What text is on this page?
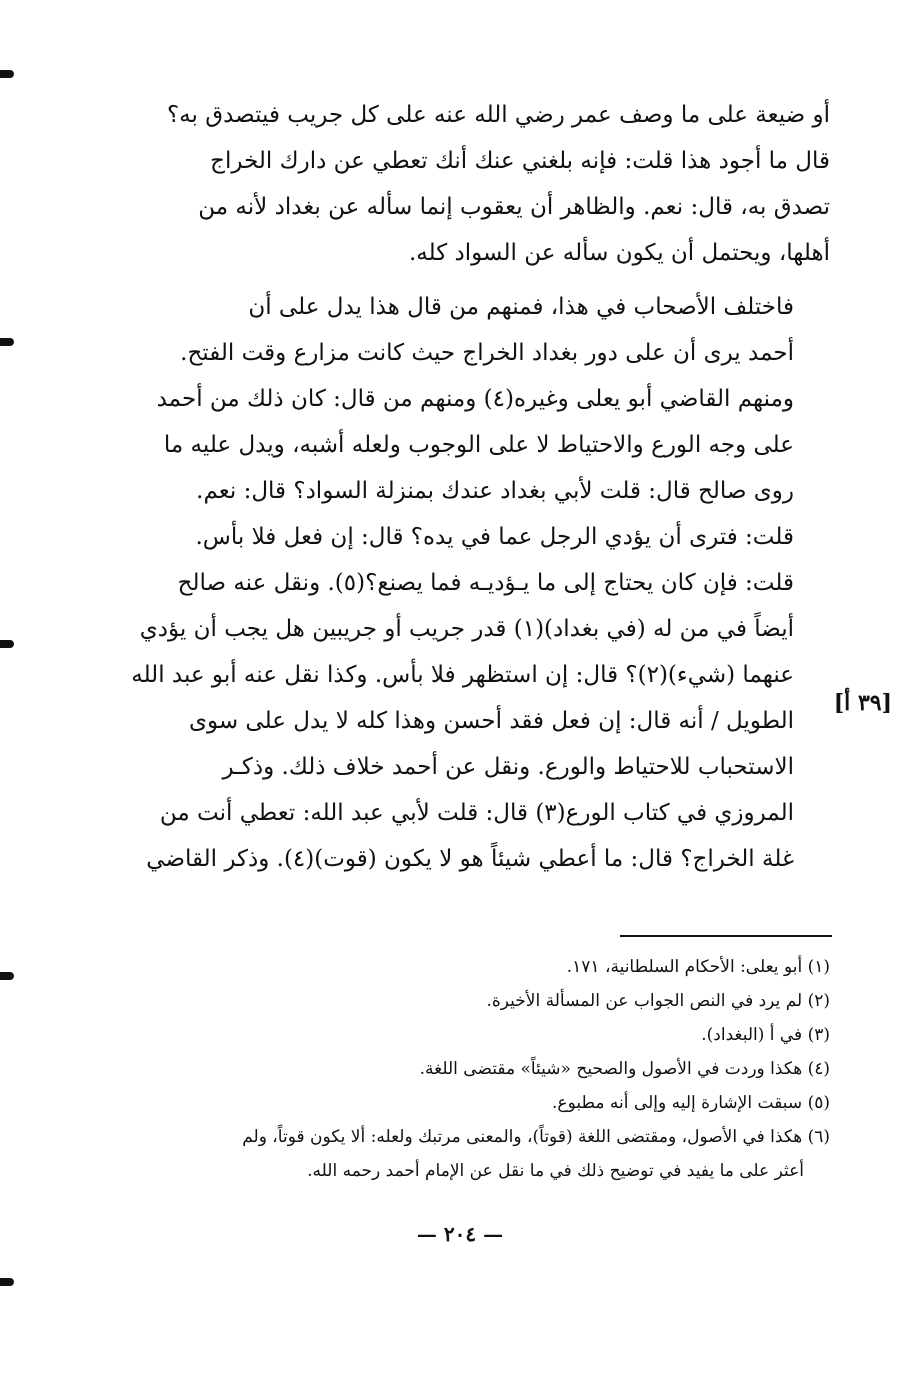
أو ضيعة على ما وصف عمر رضي الله عنه على كل جريب فيتصدق به؟
قال ما أجود هذا قلت: فإنه بلغني عنك أنك تعطي عن دارك الخراج
تصدق به، قال: نعم. والظاهر أن يعقوب إنما سأله عن بغداد لأنه من
أهلها، ويحتمل أن يكون سأله عن السواد كله.

فاختلف الأصحاب في هذا، فمنهم من قال هذا يدل على أن
أحمد يرى أن على دور بغداد الخراج حيث كانت مزارع وقت الفتح.
ومنهم القاضي أبو يعلى وغيره(٤) ومنهم من قال: كان ذلك من أحمد
على وجه الورع والاحتياط لا على الوجوب ولعله أشبه، ويدل عليه ما
روى صالح قال: قلت لأبي بغداد عندك بمنزلة السواد؟ قال: نعم.
قلت: فترى أن يؤدي الرجل عما في يده؟ قال: إن فعل فلا بأس.
قلت: فإن كان يحتاج إلى ما يـؤديـه فما يصنع؟(٥). ونقل عنه صالح
أيضاً في من له (في بغداد)(١) قدر جريب أو جريبين هل يجب أن يؤدي
عنهما (شيء)(٢)؟ قال: إن استظهر فلا بأس. وكذا نقل عنه أبو عبد الله
الطويل / أنه قال: إن فعل فقد أحسن وهذا كله لا يدل على سوى
الاستحباب للاحتياط والورع. ونقل عن أحمد خلاف ذلك. وذكـر
المروزي في كتاب الورع(٣) قال: قلت لأبي عبد الله: تعطي أنت من
غلة الخراج؟ قال: ما أعطي شيئاً هو لا يكون (قوت)(٤). وذكر القاضي

[٣٩ أ]
(١) أبو يعلى: الأحكام السلطانية، ١٧١.
(٢) لم يرد في النص الجواب عن المسألة الأخيرة.
(٣) في أ (البغداد).
(٤) هكذا وردت في الأصول والصحيح «شيئاً» مقتضى اللغة.
(٥) سبقت الإشارة إليه وإلى أنه مطبوع.
(٦) هكذا في الأصول، ومقتضى اللغة (قوتاً)، والمعنى مرتبك ولعله: ألا يكون قوتاً، ولم
أعثر على ما يفيد في توضيح ذلك في ما نقل عن الإمام أحمد رحمه الله.
— ٢٠٤ —
